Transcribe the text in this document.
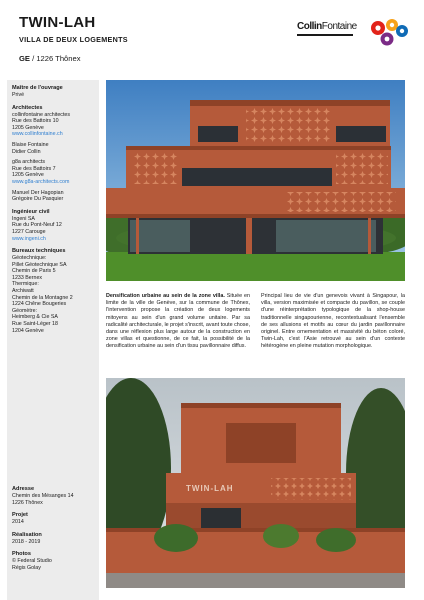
TWIN-LAH
VILLA DE DEUX LOGEMENTS
GE / 1226 Thônex
CollinFontaine
Maître de l'ouvrage
Privé
Architectes
collinfontaine architectes
Rue des Battoirs 10
1205 Genève
www.collinfontaine.ch
Blaise Fontaine
Didier Collin
g8a architects
Rue des Battoirs 7
1205 Genève
www.g8a-architects.com
Manuel Der Hagopian
Grégoire Du Pasquier
Ingénieur civil
Ingeni SA
Rue du Pont-Neuf 12
1227 Carouge
www.ingeni.ch
Bureaux techniques
Géotechnique:
Pillet Géotechnique SA
Chemin de Paris 5
1233 Bernex
Thermique:
Archiwatt
Chemin de la Montagne 2
1224 Chêne Bougeries
Géomètre:
Heimberg & Cie SA
Rue Saint-Léger 18
1204 Genève
Adresse
Chemin des Mésanges 14
1226 Thônex
Projet
2014
Réalisation
2018 - 2019
Photos
© Federal Studio
Régis Golay
Densification urbaine au sein de la zone villa. Située en limite de la ville de Genève, sur la commune de Thônex, l'intervention propose la création de deux logements mitoyens au sein d'un grand volume unitaire. Par sa radicalité architecturale, le projet s'inscrit, avant toute chose, dans une réflexion plus large autour de la construction en zone villas et questionne, de ce fait, la possibilité de la densification urbaine au sein d'un tissu pavillonnaire diffus.
Principal lieu de vie d'un genevois vivant à Singapour, la villa, version maximisée et compacte du pavillon, se couple d'une réinterprétation typologique de la shop-house traditionnelle singapourienne, recontextualisant l'ensemble de ses allusions et motifs au cœur du jardin pavillonnaire originel. Entre ornementation et massivité du béton coloré, Twin-Lah, c'est l'Asie retrouvé au sein d'un contexte hétérogène en pleine mutation morphologique.
TWIN-LAH
